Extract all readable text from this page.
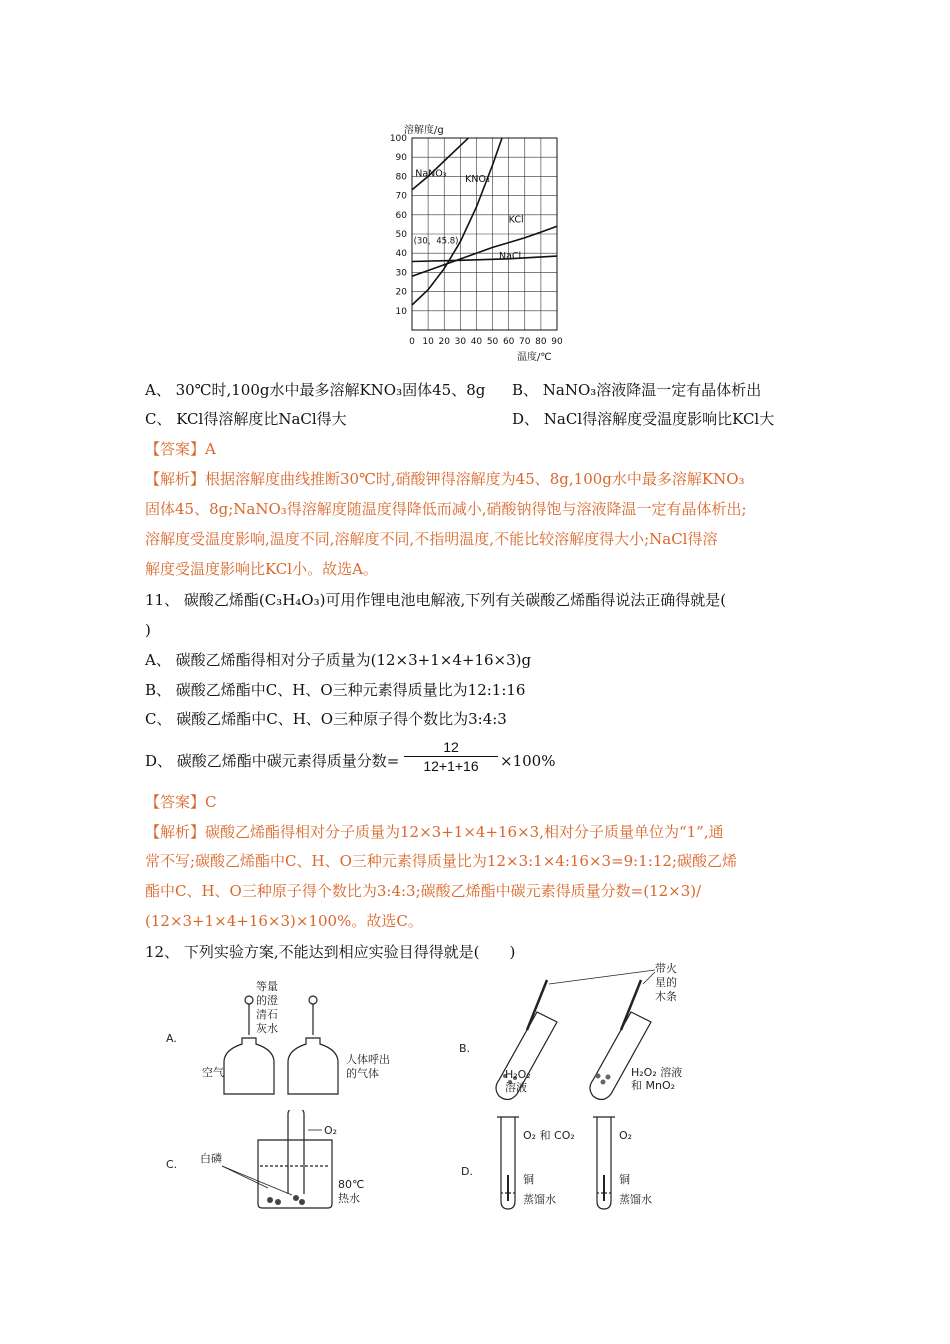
0 10 20 30 40 50 60 70 80 90
10
20
30
40
50
60
70
80
90
100
溶解度/g
温度/℃
NaNO₃
KNO₃
KCl
NaCl
(30，45.8)
A、 30℃时,100g水中最多溶解KNO₃固体45、8g B、 NaNO₃溶液降温一定有晶体析出
C、 KCl得溶解度比NaCl得大	D、 NaCl得溶解度受温度影响比KCl大
【答案】A
【解析】根据溶解度曲线推断30℃时,硝酸钾得溶解度为45、8g,100g水中最多溶解KNO₃
固体45、8g;NaNO₃得溶解度随温度得降低而减小,硝酸钠得饱与溶液降温一定有晶体析出;
溶解度受温度影响,温度不同,溶解度不同,不指明温度,不能比较溶解度得大小;NaCl得溶
解度受温度影响比KCl小。故选A。
11、 碳酸乙烯酯(C₃H₄O₃)可用作锂电池电解液,下列有关碳酸乙烯酯得说法正确得就是(
)
A、 碳酸乙烯酯得相对分子质量为(12×3+1×4+16×3)g
B、 碳酸乙烯酯中C、H、O三种元素得质量比为12:1:16
C、 碳酸乙烯酯中C、H、O三种原子得个数比为3:4:3
D、 碳酸乙烯酯中碳元素得质量分数=
12
12+1+16	×100%
【答案】C
【解析】碳酸乙烯酯得相对分子质量为12×3+1×4+16×3,相对分子质量单位为“1”,通
常不写;碳酸乙烯酯中C、H、O三种元素得质量比为12×3:1×4:16×3=9:1:12;碳酸乙烯
酯中C、H、O三种原子得个数比为3:4:3;碳酸乙烯酯中碳元素得质量分数=(12×3)/
(12×3+1×4+16×3)×100%。故选C。
12、 下列实验方案,不能达到相应实验目得得就是(　　)
A.
等量
的澄
清石
灰水
空气
人体呼出
的气体
B.
带火
星的
木条
H₂O₂
溶液
H₂O₂ 溶液
和 MnO₂
C.
O₂
白磷
80℃
热水
D.
O₂ 和 CO₂	O₂
铜	铜
蒸馏水	蒸馏水
